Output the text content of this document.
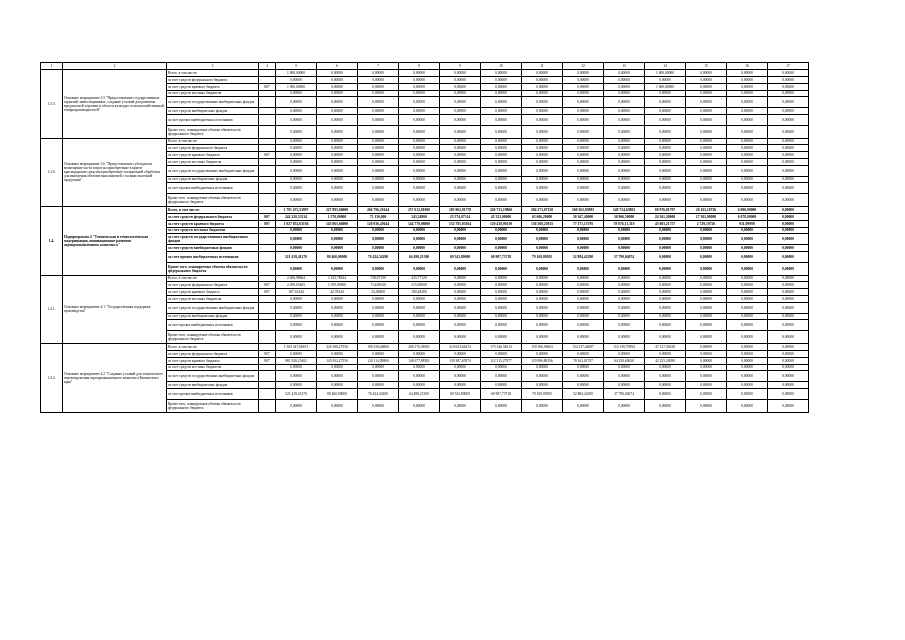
1	2	3	4	5	6	7	8	9	10	11	12	13	14	15	16	17
1.3.5.	Основное мероприятие 3.5 "Предоставление государственных гарантий, инвестиционных, создание условий для развития вредоносной торговли в области культуры сельскохозяйственной товаропроизводителей"	Всего, в том числе:		1 000,00000	0,00000	0,00000	0,00000	0,00000	0,00000	0,00000	0,00000	0,00000	1 000,00000	0,00000	0,00000	0,00000
		за счет средств федерального бюджета		0,00000	0,00000	0,00000	0,00000	0,00000	0,00000	0,00000	0,00000	0,00000	0,00000	0,00000	0,00000	0,00000
		за счет средств краевого бюджета	807	1 000,00000	0,00000	0,00000	0,00000	0,00000	0,00000	0,00000	0,00000	0,00000	1 000,00000	0,00000	0,00000	0,00000
		за счет средств местных бюджетов		0,00000	0,00000	0,00000	0,00000	0,00000	0,00000	0,00000	0,00000	0,00000	0,00000	0,00000	0,00000	0,00000
		за счет средств государственных внебюджетных фондов		0,00000	0,00000	0,00000	0,00000	0,00000	0,00000	0,00000	0,00000	0,00000	0,00000	0,00000	0,00000	0,00000
		за счет средств внебюджетных фондов		0,00000	0,00000	0,00000	0,00000	0,00000	0,00000	0,00000	0,00000	0,00000	0,00000	0,00000	0,00000	0,00000
		за счет прочих внебюджетных источников		0,00000	0,00000	0,00000	0,00000	0,00000	0,00000	0,00000	0,00000	0,00000	0,00000	0,00000	0,00000	0,00000
		Кроме того, планируемые объемы обязательств федерального бюджета		0,00000	0,00000	0,00000	0,00000	0,00000	0,00000	0,00000	0,00000	0,00000	0,00000	0,00000	0,00000	0,00000
1.3.6.	Основное мероприятие 3.6 "Предоставление субсидии на возмещение части затрат на приобретение в краеле краснодарские средства приобретение специальной обработки для выведения объемов выполняемой с полями молочной продукции"	Всего, в том числе:		0,00000	0,00000	0,00000	0,00000	0,00000	0,00000	0,00000	0,00000	0,00000	0,00000	0,00000	0,00000	0,00000
		за счет средств федерального бюджета		0,00000	0,00000	0,00000	0,00000	0,00000	0,00000	0,00000	0,00000	0,00000	0,00000	0,00000	0,00000	0,00000
		за счет средств краевого бюджета	807	0,00000	0,00000	0,00000	0,00000	0,00000	0,00000	0,00000	0,00000	0,00000	0,00000	0,00000	0,00000	0,00000
		за счет средств местных бюджетов		0,00000	0,00000	0,00000	0,00000	0,00000	0,00000	0,00000	0,00000	0,00000	0,00000	0,00000	0,00000	0,00000
		за счет средств государственных внебюджетных фондов		0,00000	0,00000	0,00000	0,00000	0,00000	0,00000	0,00000	0,00000	0,00000	0,00000	0,00000	0,00000	0,00000
		за счет средств внебюджетных фондов		0,00000	0,00000	0,00000	0,00000	0,00000	0,00000	0,00000	0,00000	0,00000	0,00000	0,00000	0,00000	0,00000
		за счет прочих внебюджетных источников		0,00000	0,00000	0,00000	0,00000	0,00000	0,00000	0,00000	0,00000	0,00000	0,00000	0,00000	0,00000	0,00000
		Кроме того, планируемые объемы обязательств федерального бюджета		0,00000	0,00000	0,00000	0,00000	0,00000	0,00000	0,00000	0,00000	0,00000	0,00000	0,00000	0,00000	0,00000
1.4.	Подпрограмма 4 "Техническая и технологическая модернизация, инновационное развитие агропромышленного комплекса"	Всего, в том числе:		1 791 472,53997	227 895,66000	266 796,26144	257 612,81000	185 962,81778	226 733,19860	204 273,07150	160 562,03985	149 724,63802	69 976,01797	26 163,10726	6 000,00000	0,00000
		за счет средств федерального бюджета	807	242 220,53314	1 570,00000	73 330,000	343,34900	23 574,07314	45 323,00000	63 606,20000	30 367,40000	30 966,50000	24 361,20000	17 302,00000	6 078,00000	0,00000
		за счет средств краевого бюджета	807	1 027 852,63194	145 865,66000	120 036,45644	144 778,06000	132 785,03364	120 438,06150	136 568,25915	77 171,13795	78 076,11,310	45 603,21757	2 729,19726	911,09999	0,00000
		за счет средств местных бюджетов		0,00000	0,00000	0,00000	0,00000	0,00000	0,00000	0,00000	0,00000	0,00000	0,00000	0,00000	0,00000	0,00000
		за счет средств государственных внебюджетных фондов		0,00000	0,00000	0,00000	0,00000	0,00000	0,00000	0,00000	0,00000	0,00000	0,00000	0,00000	0,00000	0,00000
		за счет средств внебюджетных фондов		0,00000	0,00000	0,00000	0,00000	0,00000	0,00000	0,00000	0,00000	0,00000	0,00000	0,00000	0,00000	0,00000
		за счет прочих внебюджетных источников		521 419,41270	80 460,00000	76 424,34200	64 490,21500	69 543,80000	60 907,73718	79 169,09505	52 884,42290	37 790,04074	0,00000	0,00000	0,00000	0,00000
		Кроме того, планируемые объемы обязательств федерального бюджета		0,00000	0,00000	0,00000	0,00000	0,00000	0,00000	0,00000	0,00000	0,00000	0,00000	0,00000	0,00000	0,00000
1.4.1.	Основное мероприятие 4.1 "Государственная поддержка производства"	Всего, в том числе:		2 656,98664	1 412,78444	738,07190	435,77129	0,00000	0,00000	0,00000	0,00000	0,00000	0,00000	0,00000	0,00000	0,00000
		за счет средств федерального бюджета	807	2 459,65405	1 070,00000	714,00540	315,00000	0,00000	0,00000	0,00000	0,00000	0,00000	0,00000	0,00000	0,00000	0,00000
		за счет средств краевого бюджета	807	187,33444	42,78444	24,36800	180,48200	0,00000	0,00000	0,00000	0,00000	0,00000	0,00000	0,00000	0,00000	0,00000
		за счет средств местных бюджетов		0,00000	0,00000	0,00000	0,00000	0,00000	0,00000	0,00000	0,00000	0,00000	0,00000	0,00000	0,00000	0,00000
		за счет средств государственных внебюджетных фондов		0,00000	0,00000	0,00000	0,00000	0,00000	0,00000	0,00000	0,00000	0,00000	0,00000	0,00000	0,00000	0,00000
		за счет средств внебюджетных фондов		0,00000	0,00000	0,00000	0,00000	0,00000	0,00000	0,00000	0,00000	0,00000	0,00000	0,00000	0,00000	0,00000
		за счет прочих внебюджетных источников		0,00000	0,00000	0,00000	0,00000	0,00000	0,00000	0,00000	0,00000	0,00000	0,00000	0,00000	0,00000	0,00000
		Кроме того, планируемые объемы обязательств федерального бюджета		0,00000	0,00000	0,00000	0,00000	0,00000	0,00000	0,00000	0,00000	0,00000	0,00000	0,00000	0,00000	0,00000
1.4.2.	Основное мероприятие 4.2 "Создание условий для технического перевооружения агропромышленного комплекса Камчатского края"	Всего, в том числе:		1 303 347,66673	226 398,27556	196 338,46860	200 176,38381	210 633,64474	175 346,34613	159 166,56063	134 137,44087	114 139,75894	47 127,36338	0,00000	0,00000	0,00000
		за счет средств федерального бюджета	807	0,00000	0,00000	0,00000	0,00000	0,00000	0,00000	0,00000	0,00000	0,00000	0,00000	0,00000	0,00000	0,00000
		за счет средств краевого бюджета	807	981 928,25402	145 932,27556	120 114,09860	148 677,88381	139 387,65974	112 315,27977	110 986,80356	78 163,01797	64 250,69020	42 255,26590	0,00000	0,00000	0,00000
		за счет средств местных бюджетов		0,00000	0,00000	0,00000	0,00000	0,00000	0,00000	0,00000	0,00000	0,00000	0,00000	0,00000	0,00000	0,00000
		за счет средств государственных внебюджетных фондов		0,00000	0,00000	0,00000	0,00000	0,00000	0,00000	0,00000	0,00000	0,00000	0,00000	0,00000	0,00000	0,00000
		за счет средств внебюджетных фондов		0,00000	0,00000	0,00000	0,00000	0,00000	0,00000	0,00000	0,00000	0,00000	0,00000	0,00000	0,00000	0,00000
		за счет прочих внебюджетных источников		521 419,41270	80 460,00000	76 424,34200	64 490,21500	69 543,80000	60 907,73718	79 169,09505	52 884,42290	37 790,04074	0,00000	0,00000	0,00000	0,00000
		Кроме того, планируемые объемы обязательств федерального бюджета		0,00000	0,00000	0,00000	0,00000	0,00000	0,00000	0,00000	0,00000	0,00000	0,00000	0,00000	0,00000	0,00000
